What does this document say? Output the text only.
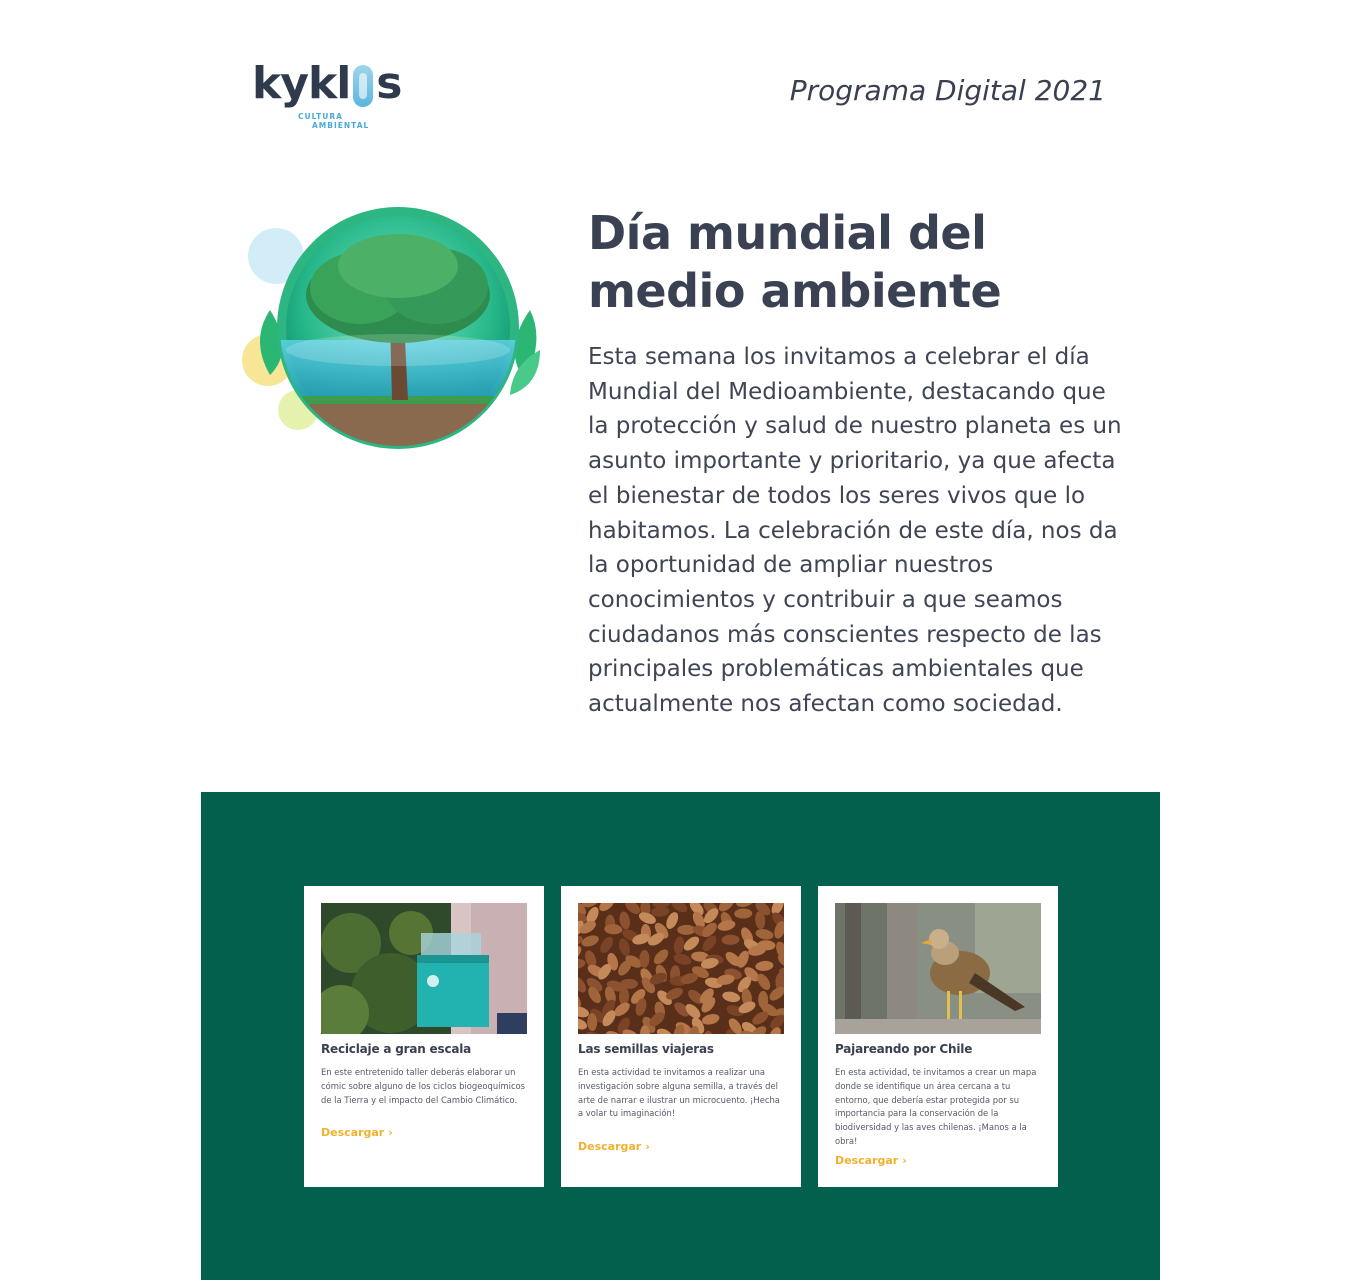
kykl s
CULTURA
AMBIENTAL
Programa Digital 2021
Día mundial del
medio ambiente

Esta semana los invitamos a celebrar el día Mundial del Medioambiente, destacando que la protección y salud de nuestro planeta es un asunto importante y prioritario, ya que afecta el bienestar de todos los seres vivos que lo habitamos. La celebración de este día, nos da la oportunidad de ampliar nuestros conocimientos y contribuir a que seamos ciudadanos más conscientes respecto de las principales problemáticas ambientales que actualmente nos afectan como sociedad.

Reciclaje a gran escala
En este entretenido taller deberás elaborar un cómic sobre alguno de los ciclos biogeoquímicos de la Tierra y el impacto del Cambio Climático.
Descargar ›
Las semillas viajeras
En esta actividad te invitamos a realizar una investigación sobre alguna semilla, a través del arte de narrar e ilustrar un microcuento. ¡Hecha a volar tu imaginación!
Descargar ›
Pajareando por Chile
En esta actividad, te invitamos a crear un mapa donde se identifique un área cercana a tu entorno, que debería estar protegida por su importancia para la conservación de la biodiversidad y las aves chilenas. ¡Manos a la obra!
Descargar ›
